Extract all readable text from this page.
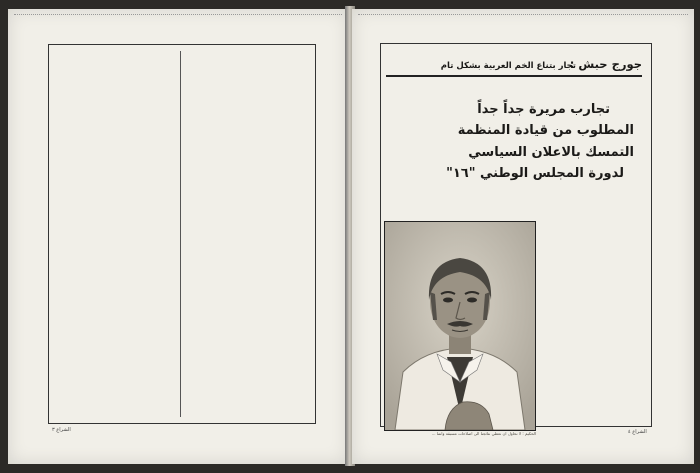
الشراع ٣
جورج حبش :
تجار بتناع الخم العربية بشكل تام
تجارب مريرة جداً جداً
المطلوب من قيادة المنظمة
التمسك بالاعلان السياسي
لدورة المجلس الوطني "١٦"
الحكيم : لا نحاول ان نعطي نتائجنا الى اصلاحات مسبقة وانما ...	الشراع ٤
